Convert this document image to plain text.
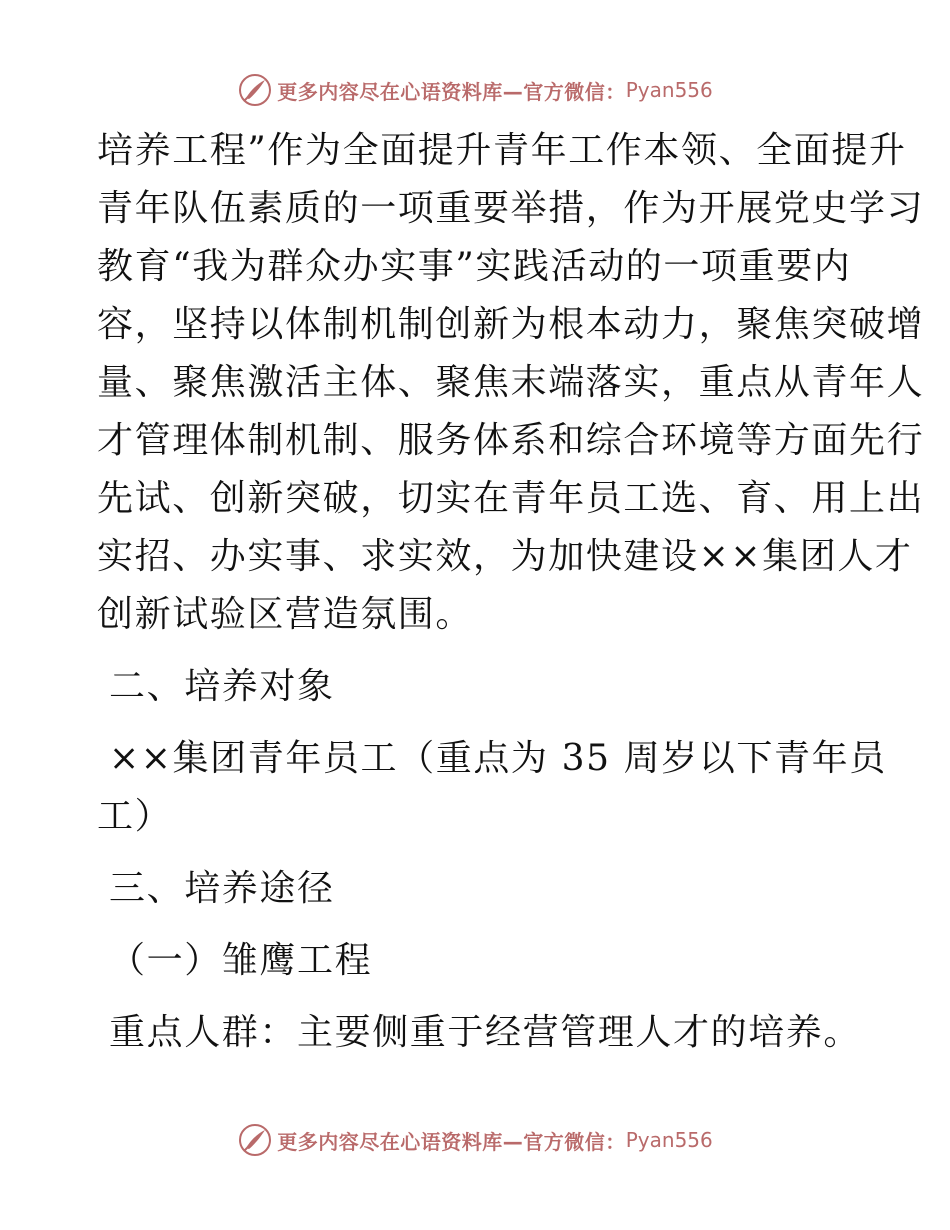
更多内容尽在心语资料库—官方微信： Pyan556

培养工程”作为全面提升青年工作本领、全面提升

青年队伍素质的一项重要举措，作为开展党史学习

教育“我为群众办实事”实践活动的一项重要内

容，坚持以体制机制创新为根本动力，聚焦突破增

量、聚焦激活主体、聚焦末端落实，重点从青年人

才管理体制机制、服务体系和综合环境等方面先行

先试、创新突破，切实在青年员工选、育、用上出

实招、办实事、求实效，为加快建设××集团人才

创新试验区营造氛围。

二、培养对象

××集团青年员工（重点为 35 周岁以下青年员

工）

三、培养途径

（一）雏鹰工程

重点人群：主要侧重于经营管理人才的培养。

更多内容尽在心语资料库—官方微信： Pyan556
